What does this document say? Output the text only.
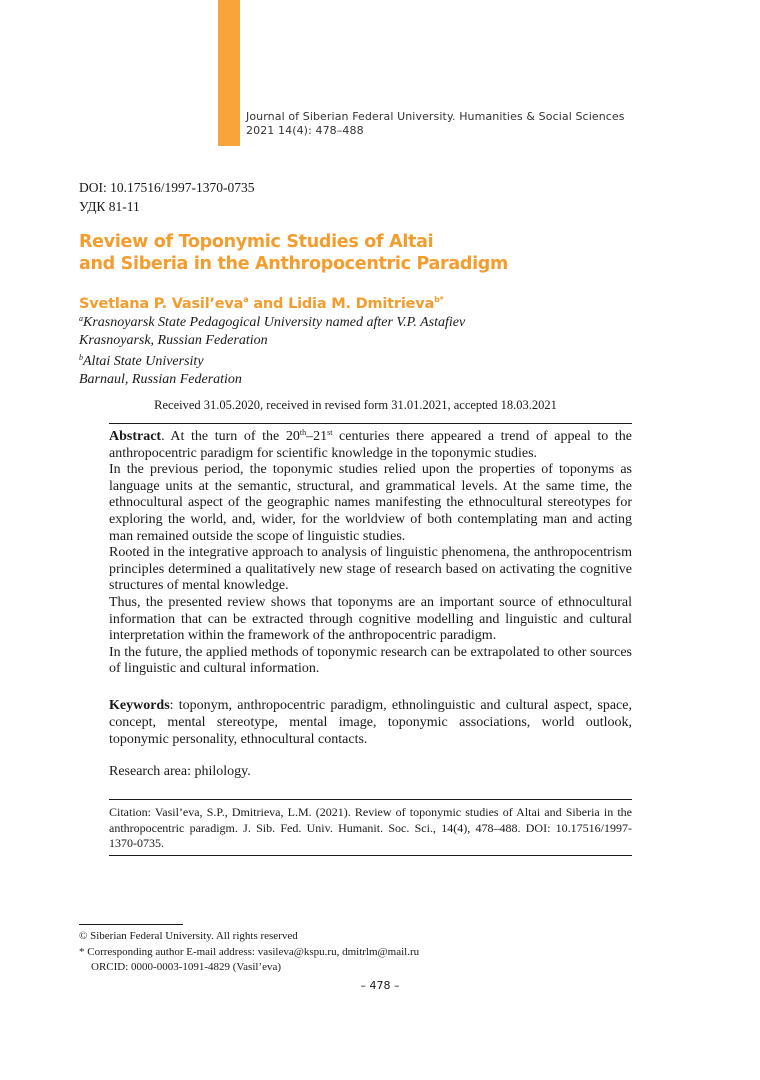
Journal of Siberian Federal University. Humanities & Social Sciences
2021 14(4): 478–488
DOI: 10.17516/1997-1370-0735
УДК 81-11
Review of Toponymic Studies of Altai
and Siberia in the Anthropocentric Paradigm
Svetlana P. Vasil’eva$^a$ and Lidia M. Dmitrieva$^{b*}$
$^a$Krasnoyarsk State Pedagogical University named after V.P. Astafiev
Krasnoyarsk, Russian Federation
$^b$Altai State University
Barnaul, Russian Federation
Received 31.05.2020, received in revised form 31.01.2021, accepted 18.03.2021

Abstract. At the turn of the 20th–21st centuries there appeared a trend of appeal to the anthropocentric paradigm for scientific knowledge in the toponymic studies.

In the previous period, the toponymic studies relied upon the properties of toponyms as language units at the semantic, structural, and grammatical levels. At the same time, the ethnocultural aspect of the geographic names manifesting the ethnocultural stereotypes for exploring the world, and, wider, for the worldview of both contemplating man and acting man remained outside the scope of linguistic studies.

Rooted in the integrative approach to analysis of linguistic phenomena, the anthropocentrism principles determined a qualitatively new stage of research based on activating the cognitive structures of mental knowledge.

Thus, the presented review shows that toponyms are an important source of ethnocultural information that can be extracted through cognitive modelling and linguistic and cultural interpretation within the framework of the anthropocentric paradigm.

In the future, the applied methods of toponymic research can be extrapolated to other sources of linguistic and cultural information.

Keywords: toponym, anthropocentric paradigm, ethnolinguistic and cultural aspect, space, concept, mental stereotype, mental image, toponymic associations, world outlook, toponymic personality, ethnocultural contacts.
Research area: philology.
Citation: Vasil’eva, S.P., Dmitrieva, L.M. (2021). Review of toponymic studies of Altai and Siberia in the anthropocentric paradigm. J. Sib. Fed. Univ. Humanit. Soc. Sci., 14(4), 478–488. DOI: 10.17516/1997-1370-0735.
© Siberian Federal University. All rights reserved
* Corresponding author E-mail address: vasileva@kspu.ru, dmitrlm@mail.ru
ORCID: 0000-0003-1091-4829 (Vasil’eva)
– 478 –
